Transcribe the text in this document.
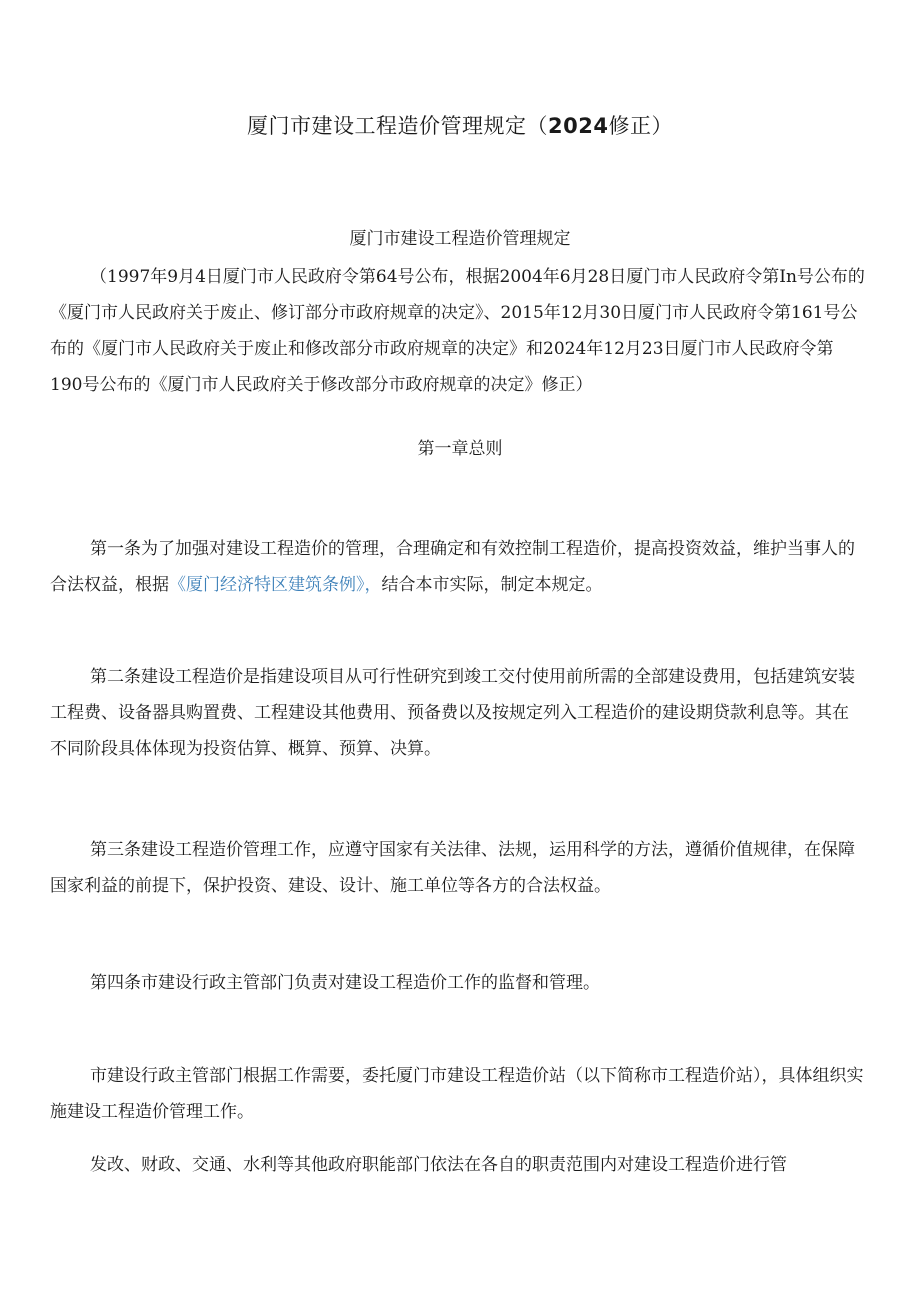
厦门市建设工程造价管理规定（2024修正）
厦门市建设工程造价管理规定

（1997年9月4日厦门市人民政府令第64号公布，根据2004年6月28日厦门市人民政府令第In号公布的《厦门市人民政府关于废止、修订部分市政府规章的决定》、2015年12月30日厦门市人民政府令第161号公布的《厦门市人民政府关于废止和修改部分市政府规章的决定》和2024年12月23日厦门市人民政府令第190号公布的《厦门市人民政府关于修改部分市政府规章的决定》修正）

第一章总则

第一条为了加强对建设工程造价的管理，合理确定和有效控制工程造价，提高投资效益，维护当事人的合法权益，根据《厦门经济特区建筑条例》，结合本市实际，制定本规定。

第二条建设工程造价是指建设项目从可行性研究到竣工交付使用前所需的全部建设费用，包括建筑安装工程费、设备器具购置费、工程建设其他费用、预备费以及按规定列入工程造价的建设期贷款利息等。其在不同阶段具体体现为投资估算、概算、预算、决算。

第三条建设工程造价管理工作，应遵守国家有关法律、法规，运用科学的方法，遵循价值规律，在保障国家利益的前提下，保护投资、建设、设计、施工单位等各方的合法权益。

第四条市建设行政主管部门负责对建设工程造价工作的监督和管理。

市建设行政主管部门根据工作需要，委托厦门市建设工程造价站（以下简称市工程造价站），具体组织实施建设工程造价管理工作。

发改、财政、交通、水利等其他政府职能部门依法在各自的职责范围内对建设工程造价进行管
